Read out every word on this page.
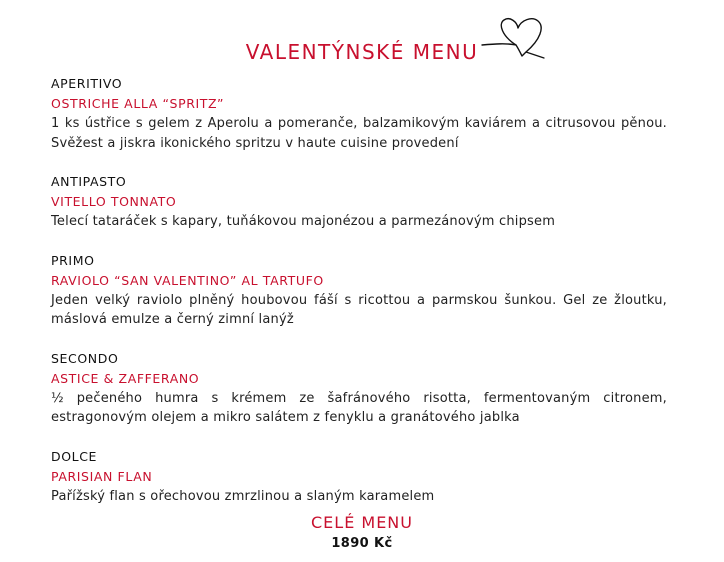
VALENTÝNSKÉ MENU
APERITIVO
OSTRICHE ALLA “SPRITZ”
1 ks ústřice s gelem z Aperolu a pomeranče, balzamikovým kaviárem a citrusovou pěnou. Svěžest a jiskra ikonického spritzu v haute cuisine provedení
ANTIPASTO
VITELLO TONNATO
Telecí tataráček s kapary, tuňákovou majonézou a parmezánovým chipsem
PRIMO
RAVIOLO “SAN VALENTINO” AL TARTUFO
Jeden velký raviolo plněný houbovou fáší s ricottou a parmskou šunkou. Gel ze žloutku, máslová emulze a černý zimní lanýž
SECONDO
ASTICE & ZAFFERANO
½ pečeného humra s krémem ze šafránového risotta, fermentovaným citronem, estragonovým olejem a mikro salátem z fenyklu a granátového jablka
DOLCE
PARISIAN FLAN
Pařížský flan s ořechovou zmrzlinou a slaným karamelem
CELÉ MENU
1890 Kč
